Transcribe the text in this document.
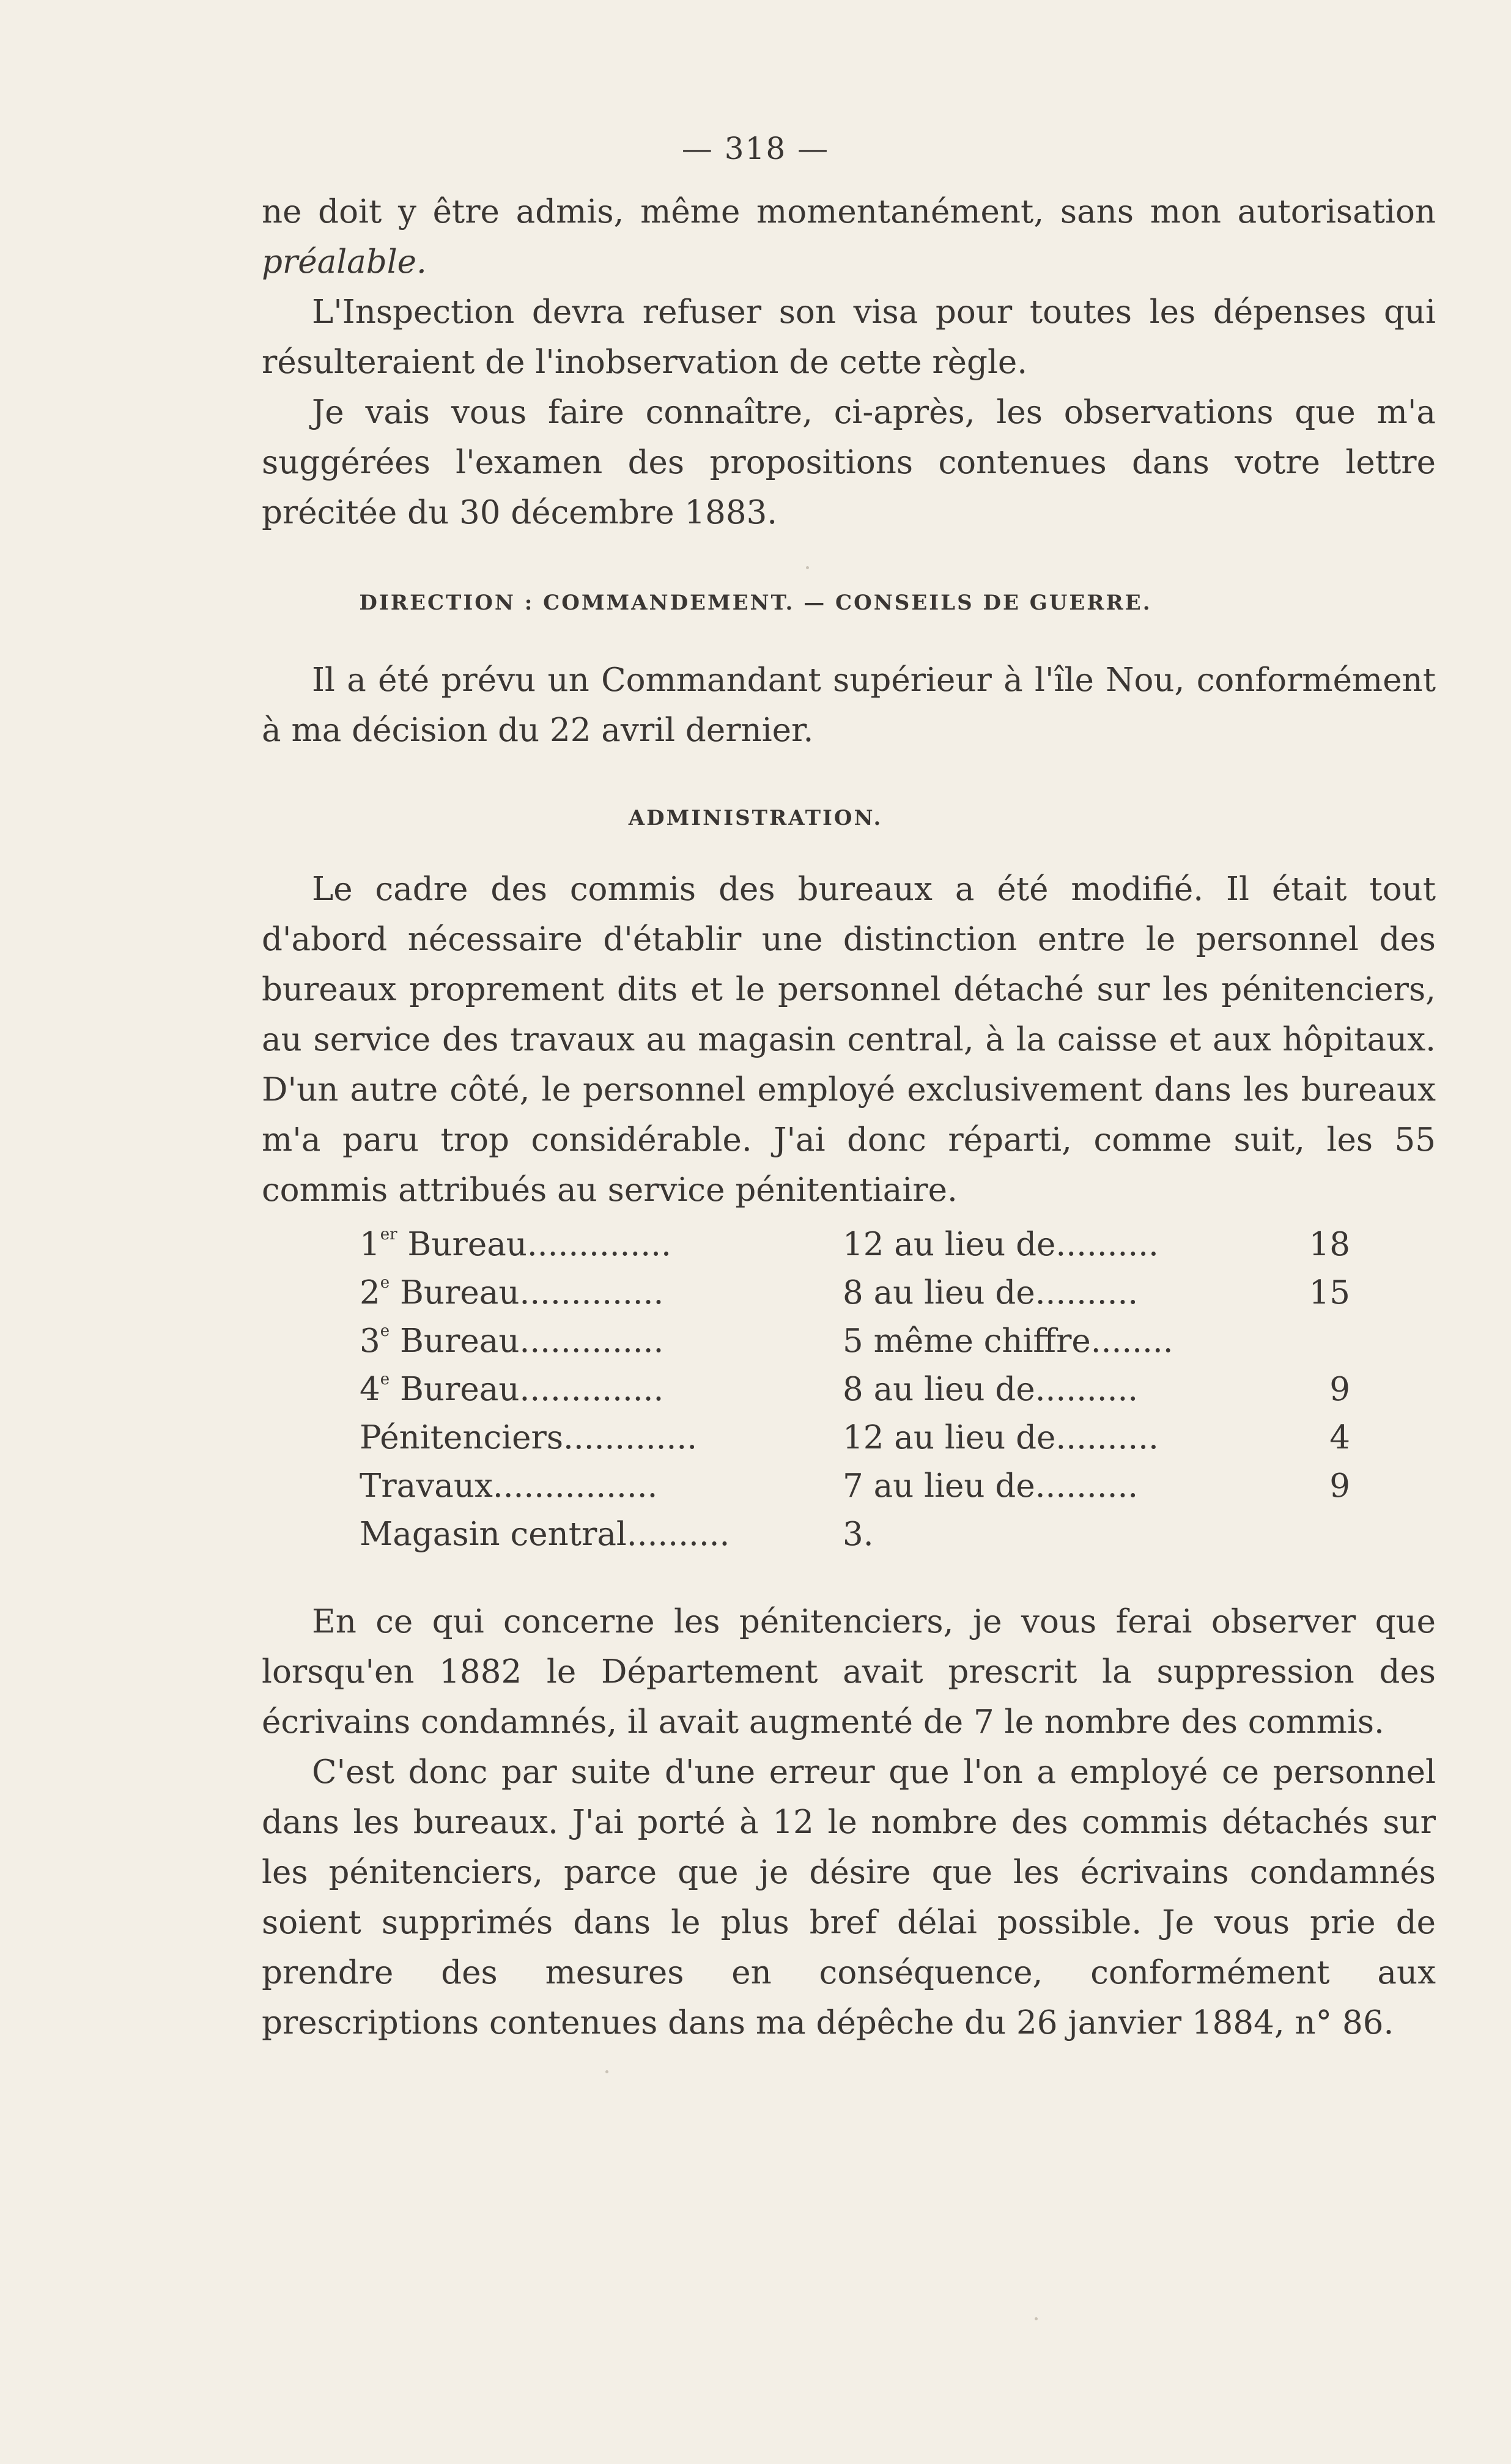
— 318 —

ne doit y être admis, même momentanément, sans mon autorisation préalable.

L'Inspection devra refuser son visa pour toutes les dépenses qui résulteraient de l'inobservation de cette règle.

Je vais vous faire connaître, ci-après, les observations que m'a suggérées l'examen des propositions contenues dans votre lettre précitée du 30 décembre 1883.

DIRECTION : COMMANDEMENT. — CONSEILS DE GUERRE.

Il a été prévu un Commandant supérieur à l'île Nou, conformément à ma décision du 22 avril dernier.

ADMINISTRATION.

Le cadre des commis des bureaux a été modifié. Il était tout d'abord nécessaire d'établir une distinction entre le personnel des bureaux proprement dits et le personnel détaché sur les pénitenciers, au service des travaux au magasin central, à la caisse et aux hôpitaux. D'un autre côté, le personnel employé exclusivement dans les bureaux m'a paru trop considérable. J'ai donc réparti, comme suit, les 55 commis attribués au service pénitentiaire.

1er Bureau..............	12 au lieu de..........	18
2e Bureau..............	8 au lieu de..........	15
3e Bureau..............	5 même chiffre........
4e Bureau..............	8 au lieu de..........	9
Pénitenciers.............	12 au lieu de..........	4
Travaux................	7 au lieu de..........	9
Magasin central..........	3.

En ce qui concerne les pénitenciers, je vous ferai observer que lorsqu'en 1882 le Département avait prescrit la suppression des écrivains condamnés, il avait augmenté de 7 le nombre des commis.

C'est donc par suite d'une erreur que l'on a employé ce personnel dans les bureaux. J'ai porté à 12 le nombre des commis détachés sur les pénitenciers, parce que je désire que les écrivains condamnés soient supprimés dans le plus bref délai possible. Je vous prie de prendre des mesures en conséquence, conformément aux prescriptions contenues dans ma dépêche du 26 janvier 1884, n° 86.
